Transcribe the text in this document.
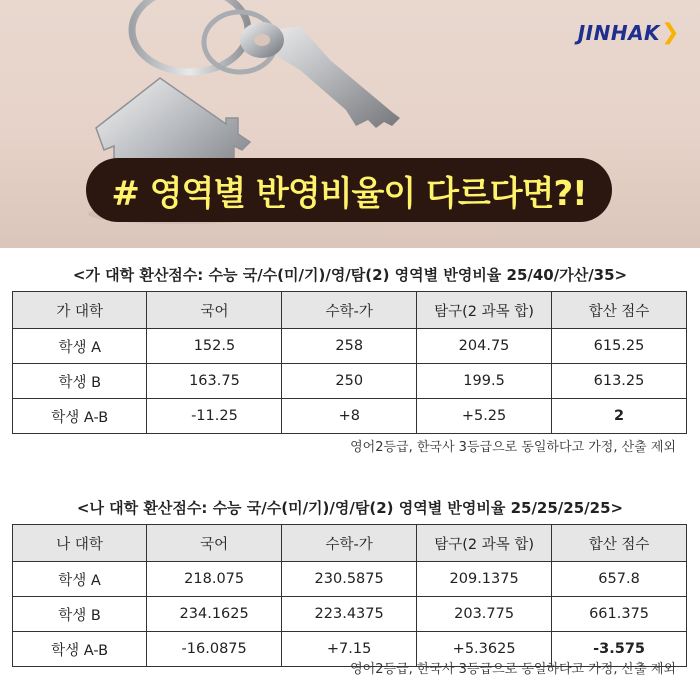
JINHAK ❯
# 영역별 반영비율이 다르다면?!
<가 대학 환산점수: 수능 국/수(미/기)/영/탐(2) 영역별 반영비율 25/40/가산/35>
가 대학	국어	수학-가	탐구(2 과목 합)	합산 점수
학생 A	152.5	258	204.75	615.25
학생 B	163.75	250	199.5	613.25
학생 A-B	-11.25	+8	+5.25	2
영어2등급, 한국사 3등급으로 동일하다고 가정, 산출 제외
<나 대학 환산점수: 수능 국/수(미/기)/영/탐(2) 영역별 반영비율 25/25/25/25>
나 대학	국어	수학-가	탐구(2 과목 합)	합산 점수
학생 A	218.075	230.5875	209.1375	657.8
학생 B	234.1625	223.4375	203.775	661.375
학생 A-B	-16.0875	+7.15	+5.3625	-3.575
영어2등급, 한국사 3등급으로 동일하다고 가정, 산출 제외
